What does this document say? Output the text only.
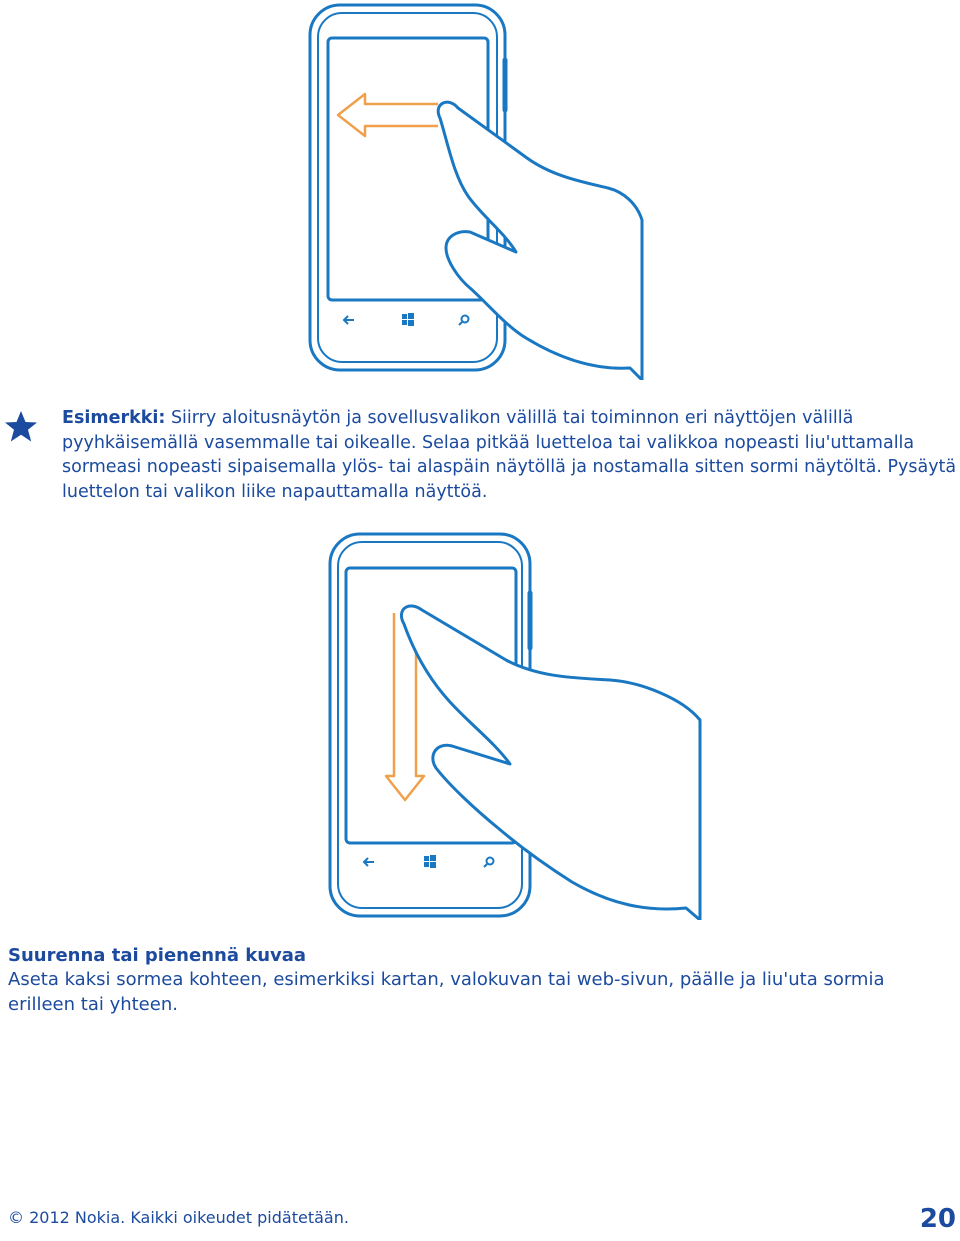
Esimerkki: Siirry aloitusnäytön ja sovellusvalikon välillä tai toiminnon eri näyttöjen välillä pyyhkäisemällä vasemmalle tai oikealle. Selaa pitkää luetteloa tai valikkoa nopeasti liu'uttamalla sormeasi nopeasti sipaisemalla ylös- tai alaspäin näytöllä ja nostamalla sitten sormi näytöltä. Pysäytä luettelon tai valikon liike napauttamalla näyttöä.
Suurenna tai pienennä kuvaa

Aseta kaksi sormea kohteen, esimerkiksi kartan, valokuvan tai web-sivun, päälle ja liu'uta sormia erilleen tai yhteen.

© 2012 Nokia. Kaikki oikeudet pidätetään.	20
